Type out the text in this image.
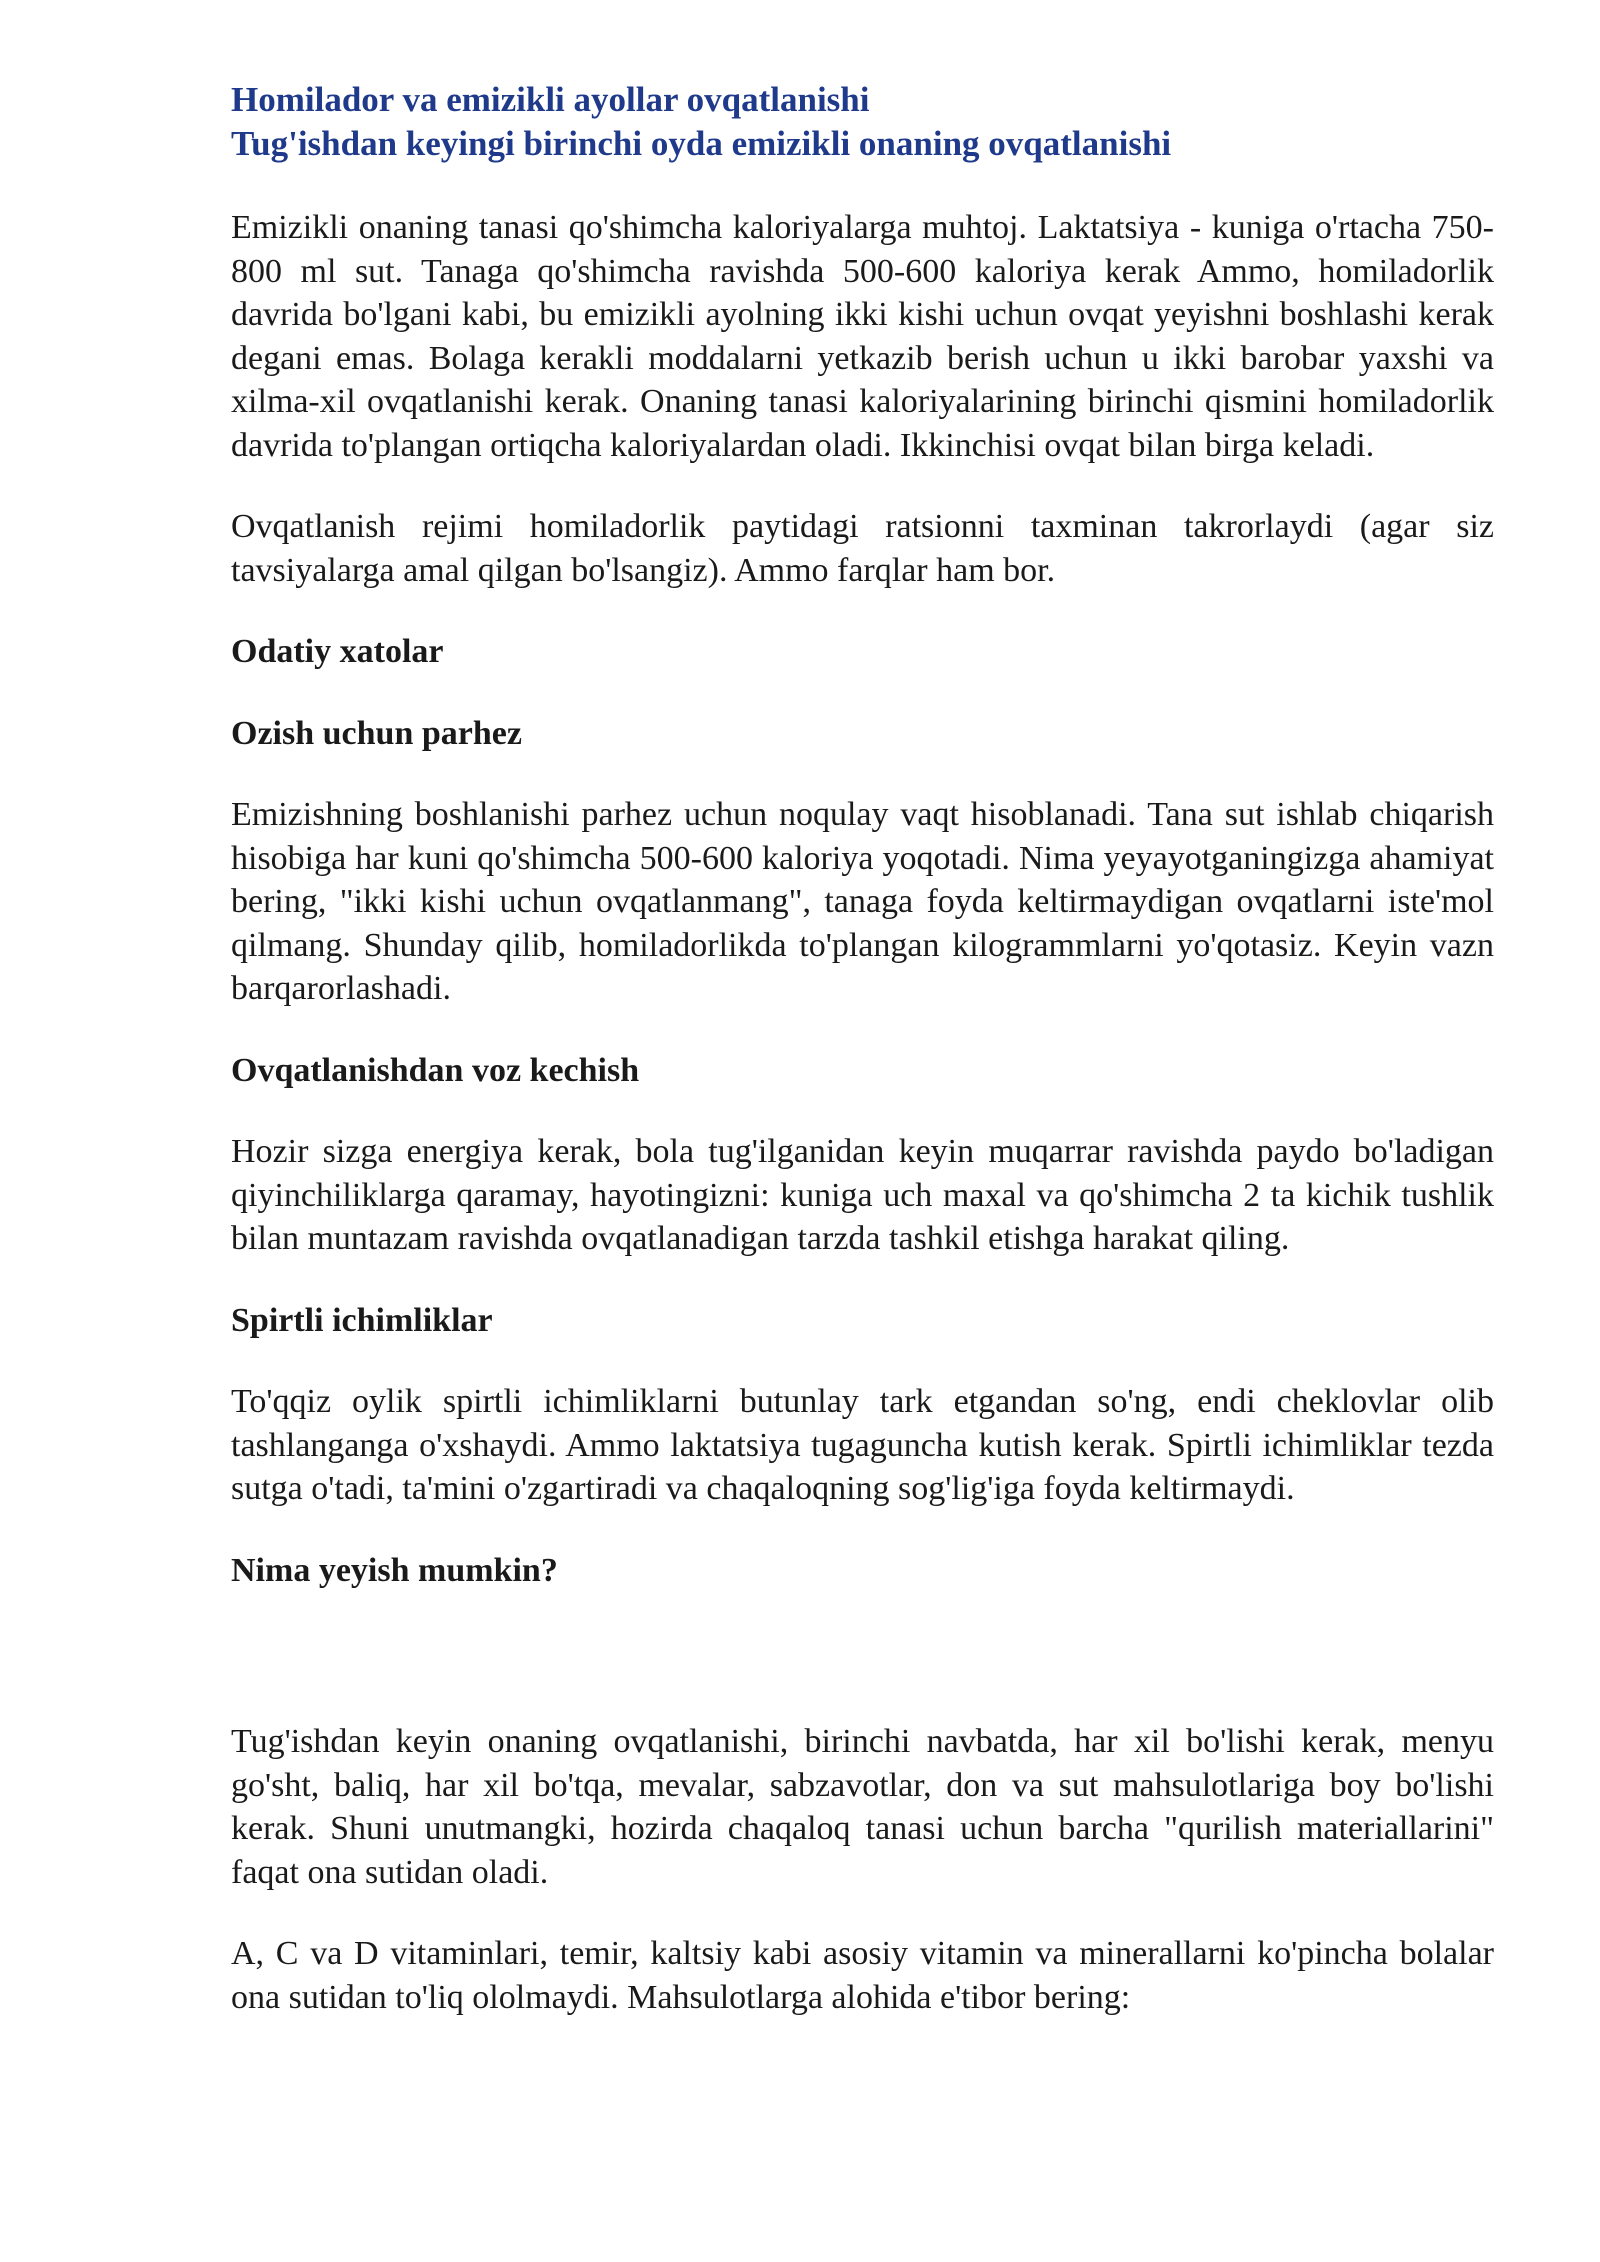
Homilador va emizikli ayollar ovqatlanishi
Tug'ishdan keyingi birinchi oyda emizikli onaning ovqatlanishi

Emizikli onaning tanasi qo'shimcha kaloriyalarga muhtoj. Laktatsiya - kuniga o'rtacha 750-800 ml sut. Tanaga qo'shimcha ravishda 500-600 kaloriya kerak Ammo, homiladorlik davrida bo'lgani kabi, bu emizikli ayolning ikki kishi uchun ovqat yeyishni boshlashi kerak degani emas. Bolaga kerakli moddalarni yetkazib berish uchun u ikki barobar yaxshi va xilma-xil ovqatlanishi kerak. Onaning tanasi kaloriyalarining birinchi qismini homiladorlik davrida to'plangan ortiqcha kaloriyalardan oladi. Ikkinchisi ovqat bilan birga keladi.

Ovqatlanish rejimi homiladorlik paytidagi ratsionni taxminan takrorlaydi (agar siz tavsiyalarga amal qilgan bo'lsangiz). Ammo farqlar ham bor.

Odatiy xatolar
Ozish uchun parhez

Emizishning boshlanishi parhez uchun noqulay vaqt hisoblanadi. Tana sut ishlab chiqarish hisobiga har kuni qo'shimcha 500-600 kaloriya yoqotadi. Nima yeyayotganingizga ahamiyat bering, "ikki kishi uchun ovqatlanmang", tanaga foyda keltirmaydigan ovqatlarni iste'mol qilmang. Shunday qilib, homiladorlikda to'plangan kilogrammlarni yo'qotasiz. Keyin vazn barqarorlashadi.

Ovqatlanishdan voz kechish

Hozir sizga energiya kerak, bola tug'ilganidan keyin muqarrar ravishda paydo bo'ladigan qiyinchiliklarga qaramay, hayotingizni: kuniga uch maxal va qo'shimcha 2 ta kichik tushlik bilan muntazam ravishda ovqatlanadigan tarzda tashkil etishga harakat qiling.

Spirtli ichimliklar

To'qqiz oylik spirtli ichimliklarni butunlay tark etgandan so'ng, endi cheklovlar olib tashlanganga o'xshaydi. Ammo laktatsiya tugaguncha kutish kerak. Spirtli ichimliklar tezda sutga o'tadi, ta'mini o'zgartiradi va chaqaloqning sog'lig'iga foyda keltirmaydi.

Nima yeyish mumkin?

Tug'ishdan keyin onaning ovqatlanishi, birinchi navbatda, har xil bo'lishi kerak, menyu go'sht, baliq, har xil bo'tqa, mevalar, sabzavotlar, don va sut mahsulotlariga boy bo'lishi kerak. Shuni unutmangki, hozirda chaqaloq tanasi uchun barcha "qurilish materiallarini" faqat ona sutidan oladi.

A, C va D vitaminlari, temir, kaltsiy kabi asosiy vitamin va minerallarni ko'pincha bolalar ona sutidan to'liq ololmaydi. Mahsulotlarga alohida e'tibor bering:
